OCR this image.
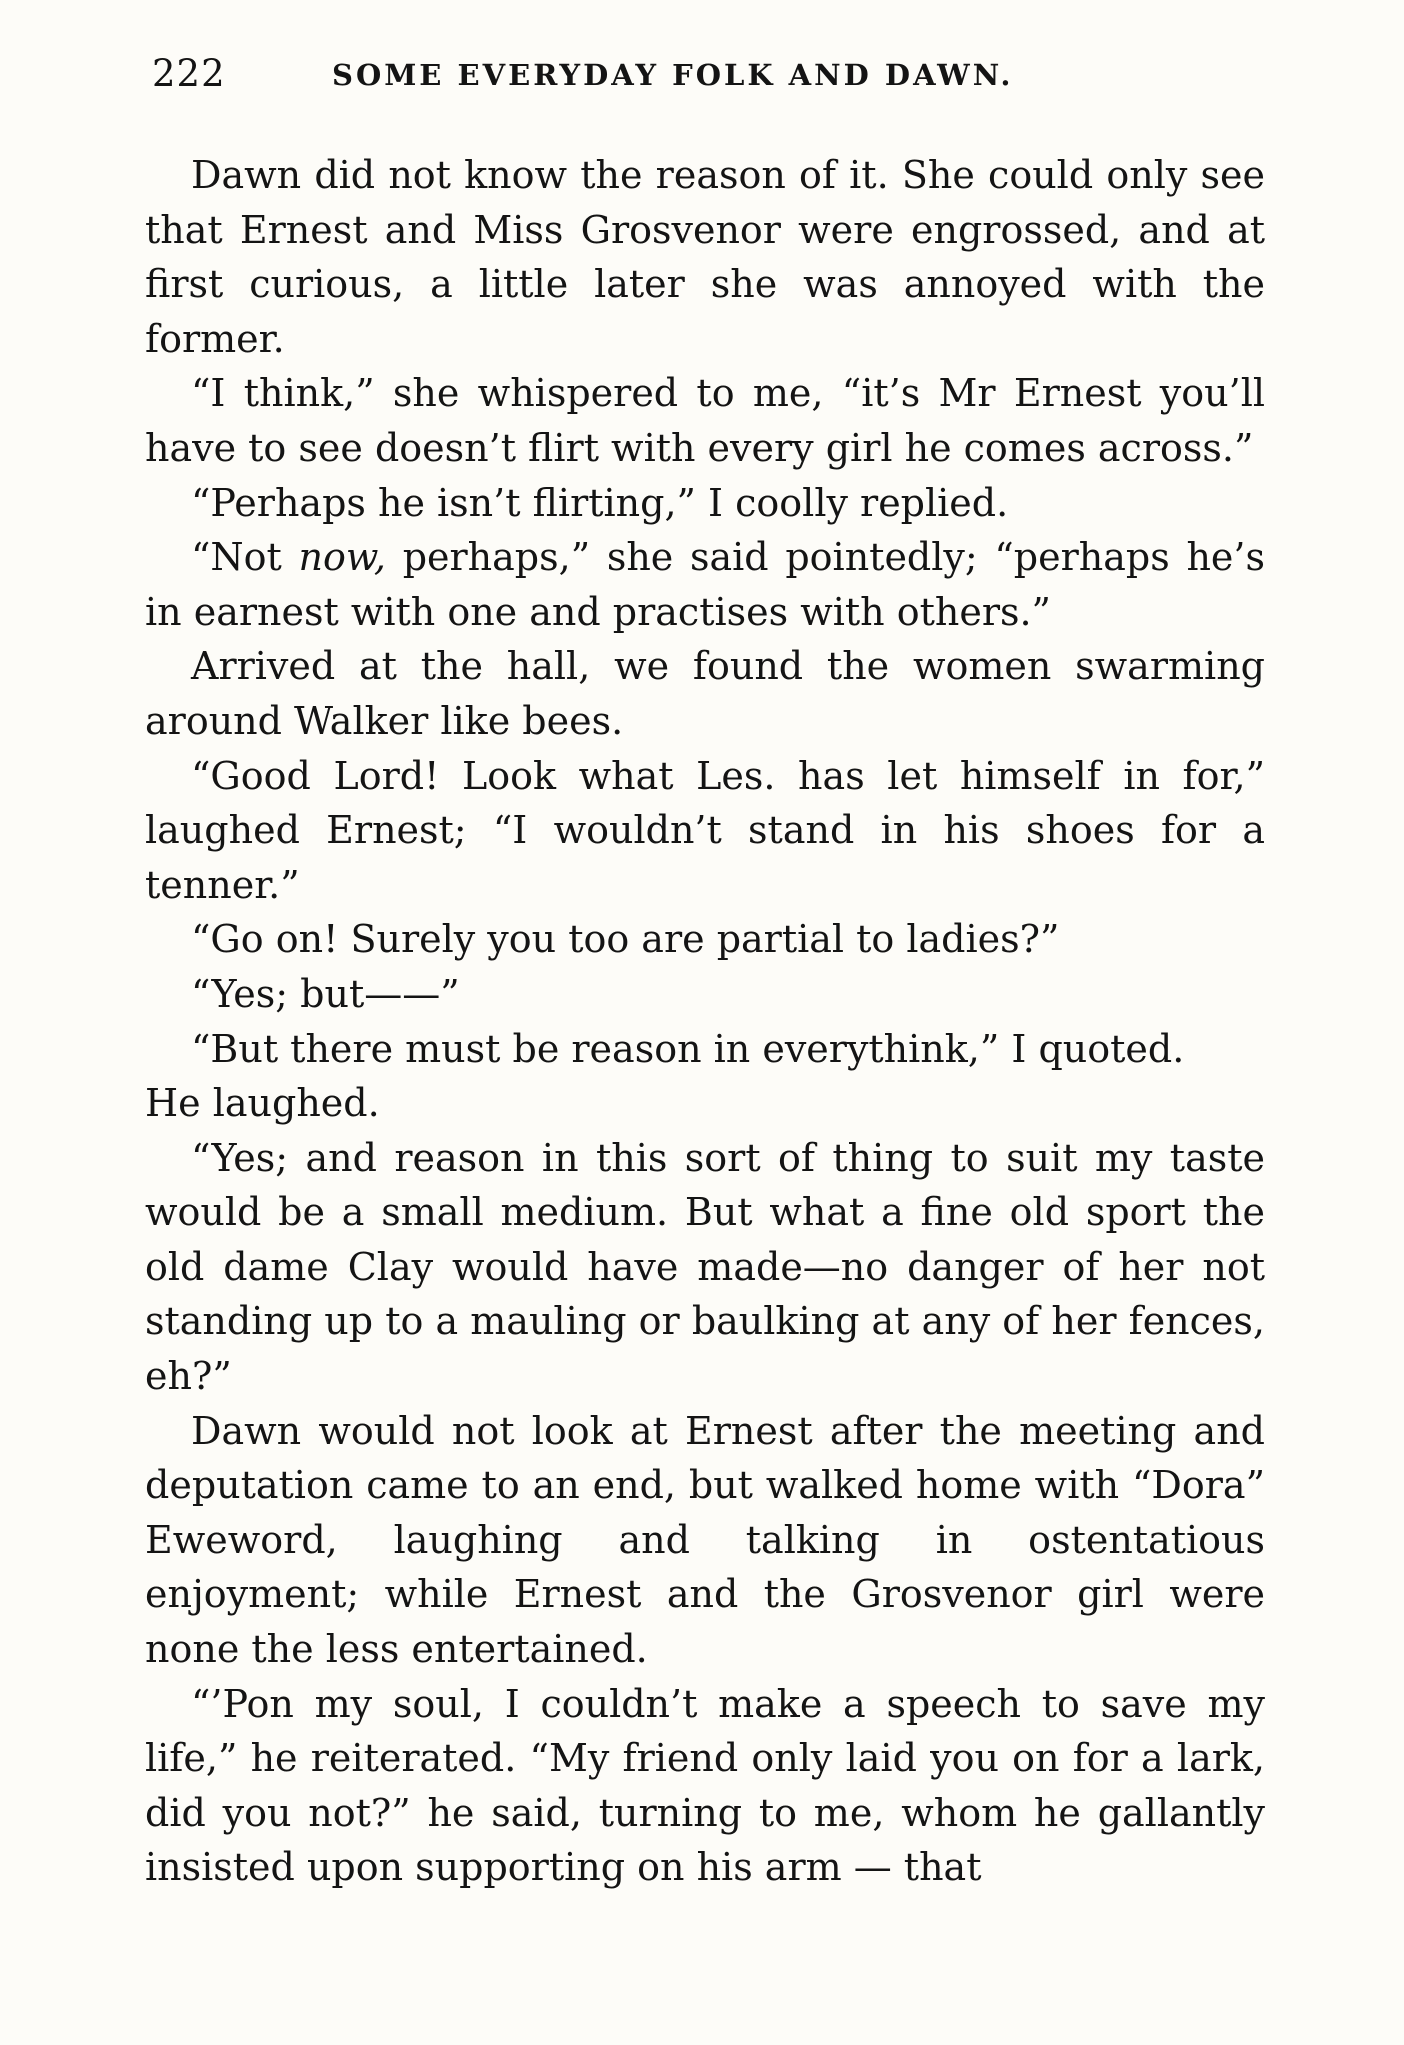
222	SOME EVERYDAY FOLK AND DAWN.

Dawn did not know the reason of it. She could only see that Ernest and Miss Grosvenor were engrossed, and at first curious, a little later she was annoyed with the former.

“I think,” she whispered to me, “it’s Mr Ernest you’ll have to see doesn’t flirt with every girl he comes across.”

“Perhaps he isn’t flirting,” I coolly replied.

“Not now, perhaps,” she said pointedly; “perhaps he’s in earnest with one and practises with others.”

Arrived at the hall, we found the women swarming around Walker like bees.

“Good Lord! Look what Les. has let himself in for,” laughed Ernest; “I wouldn’t stand in his shoes for a tenner.”

“Go on! Surely you too are partial to ladies?”

“Yes; but——”

“But there must be reason in everythink,” I quoted.

He laughed.

“Yes; and reason in this sort of thing to suit my taste would be a small medium. But what a fine old sport the old dame Clay would have made—no danger of her not standing up to a mauling or baulking at any of her fences, eh?”

Dawn would not look at Ernest after the meeting and deputation came to an end, but walked home with “Dora” Eweword, laughing and talking in ostentatious enjoyment; while Ernest and the Grosvenor girl were none the less entertained.

“’Pon my soul, I couldn’t make a speech to save my life,” he reiterated. “My friend only laid you on for a lark, did you not?” he said, turning to me, whom he gallantly insisted upon supporting on his arm — that
